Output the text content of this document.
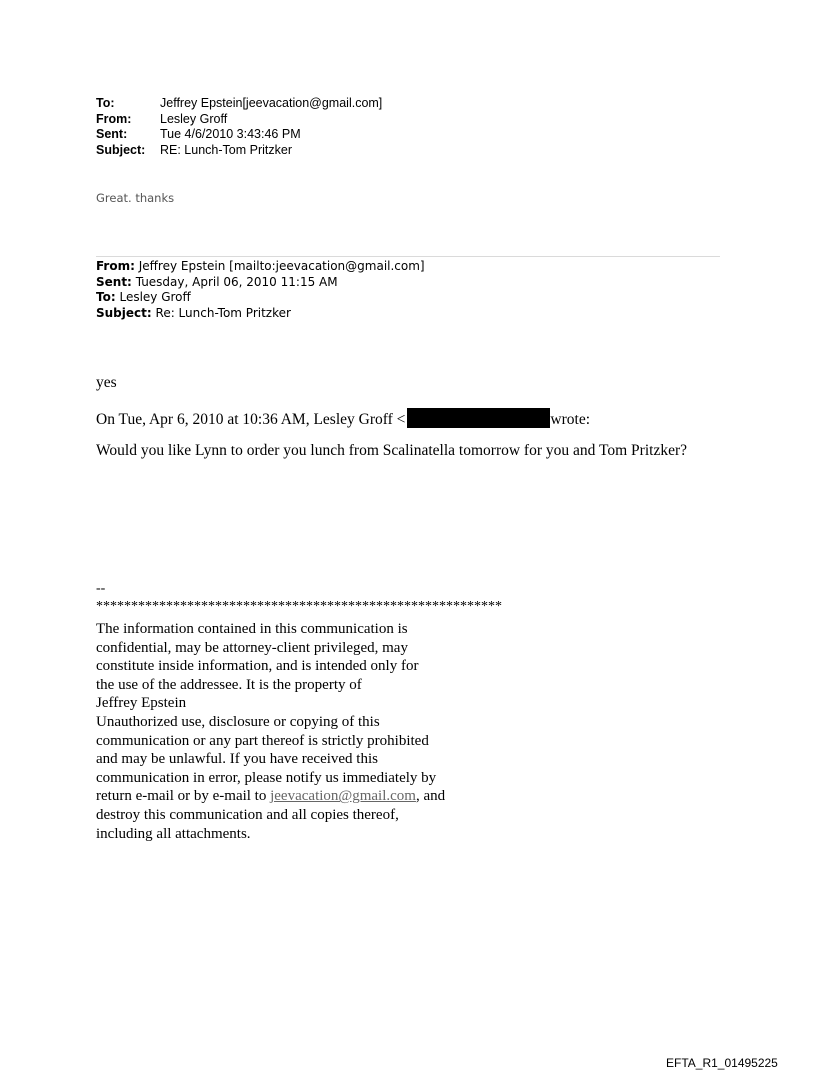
To:	Jeffrey Epstein[jeevacation@gmail.com]
From:	Lesley Groff
Sent:	Tue 4/6/2010 3:43:46 PM
Subject:	RE: Lunch-Tom Pritzker
Great. thanks
From: Jeffrey Epstein [mailto:jeevacation@gmail.com]
Sent: Tuesday, April 06, 2010 11:15 AM
To: Lesley Groff
Subject: Re: Lunch-Tom Pritzker
yes
On Tue, Apr 6, 2010 at 10:36 AM, Lesley Groff <	wrote:
Would you like Lynn to order you lunch from Scalinatella tomorrow for you and Tom Pritzker?
--
**********************************************************
The information contained in this communication is
confidential, may be attorney-client privileged, may
constitute inside information, and is intended only for
the use of the addressee. It is the property of
Jeffrey Epstein
Unauthorized use, disclosure or copying of this
communication or any part thereof is strictly prohibited
and may be unlawful. If you have received this
communication in error, please notify us immediately by
return e-mail or by e-mail to jeevacation@gmail.com, and
destroy this communication and all copies thereof,
including all attachments.
EFTA_R1_01495225
